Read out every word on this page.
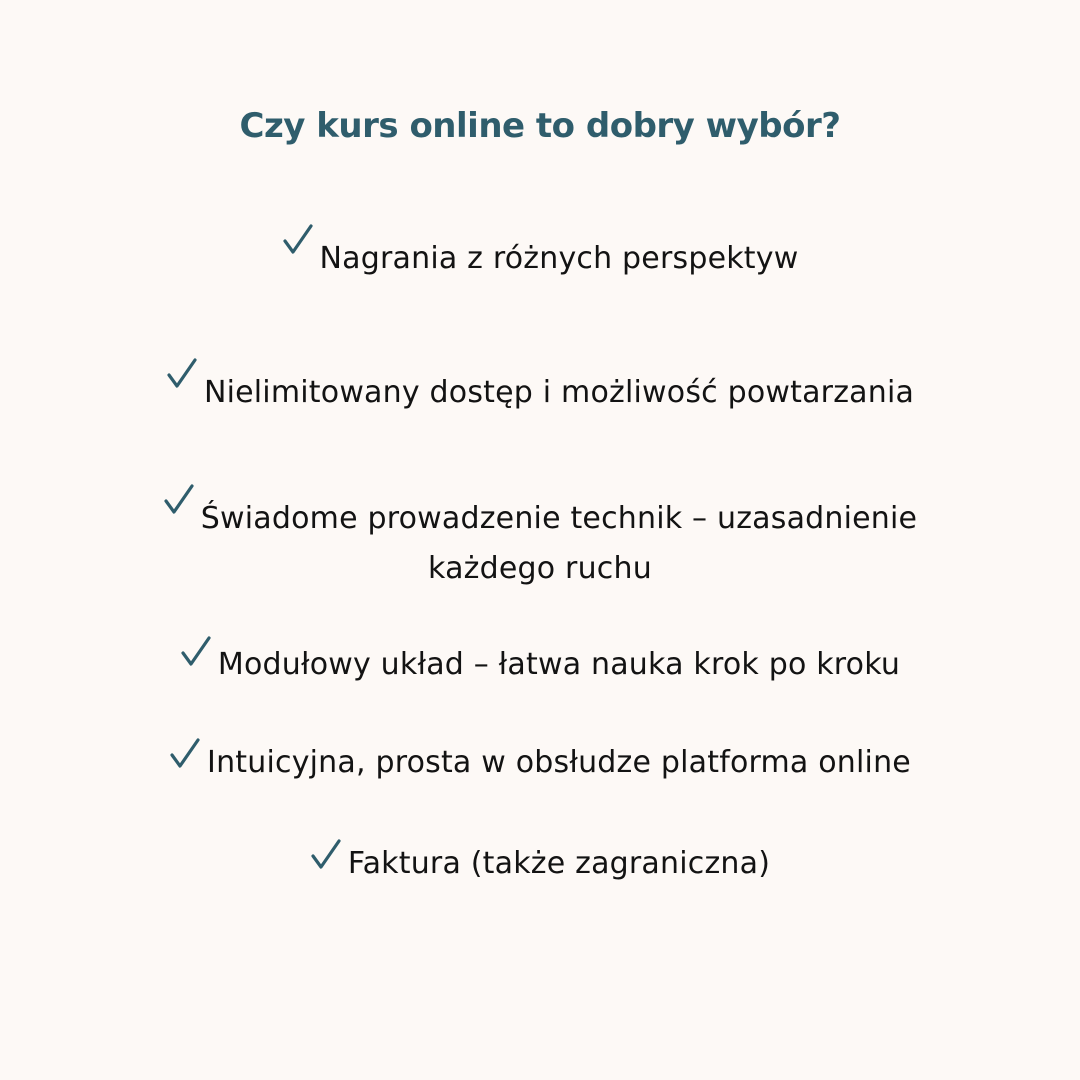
Czy kurs online to dobry wybór?
Nagrania z różnych perspektyw
Nielimitowany dostęp i możliwość powtarzania
Świadome prowadzenie technik – uzasadnienie każdego ruchu
Modułowy układ – łatwa nauka krok po kroku
Intuicyjna, prosta w obsłudze platforma online
Faktura (także zagraniczna)
